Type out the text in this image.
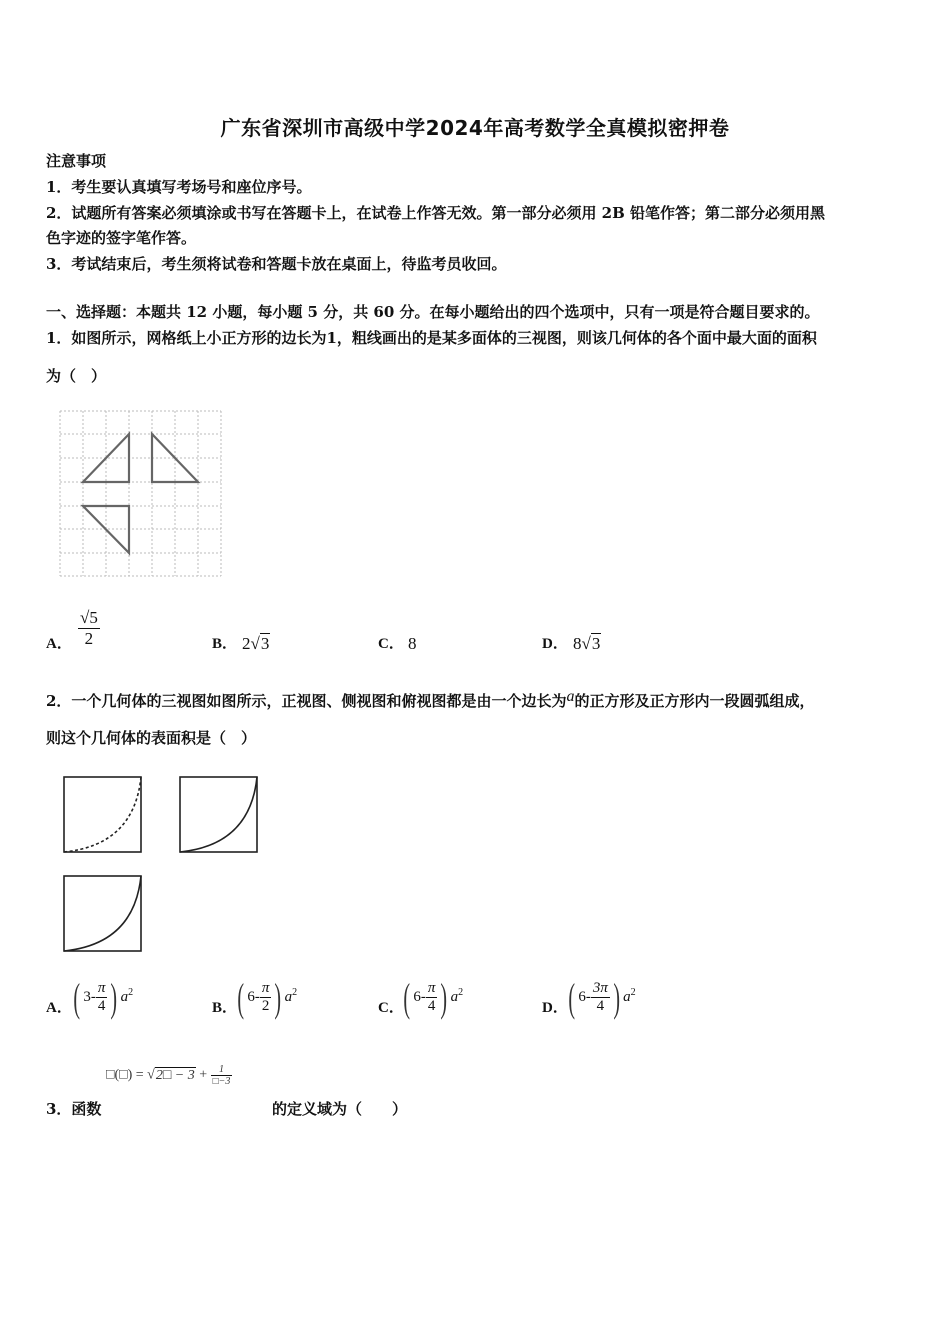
广东省深圳市高级中学2024年高考数学全真模拟密押卷
注意事项
1．考生要认真填写考场号和座位序号。
2．试题所有答案必须填涂或书写在答题卡上，在试卷上作答无效。第一部分必须用 2B 铅笔作答；第二部分必须用黑
色字迹的签字笔作答。
3．考试结束后，考生须将试卷和答题卡放在桌面上，待监考员收回。
一、选择题：本题共 12 小题，每小题 5 分，共 60 分。在每小题给出的四个选项中，只有一项是符合题目要求的。
1．如图所示，网格纸上小正方形的边长为1，粗线画出的是某多面体的三视图，则该几何体的各个面中最大面的面积
为（　）
A． $\frac{√5}{2}$	B． 2√3	C． 8	D． 8√3
2．一个几何体的三视图如图所示，正视图、侧视图和俯视图都是由一个边长为a的正方形及正方形内一段圆弧组成，
则这个几何体的表面积是（　）
A． ( $3- \frac{\pi}{4}$ ) $a^2$
B． ( $6- \frac{\pi}{2}$ ) $a^2$
C． ( $6- \frac{\pi}{4}$ ) $a^2$
D． ( $6- \frac{3\pi}{4}$ ) $a^2$
□(□) = √2□ − $3 + \frac{1}{□-3}$
3．函数	的定义域为（　　）
